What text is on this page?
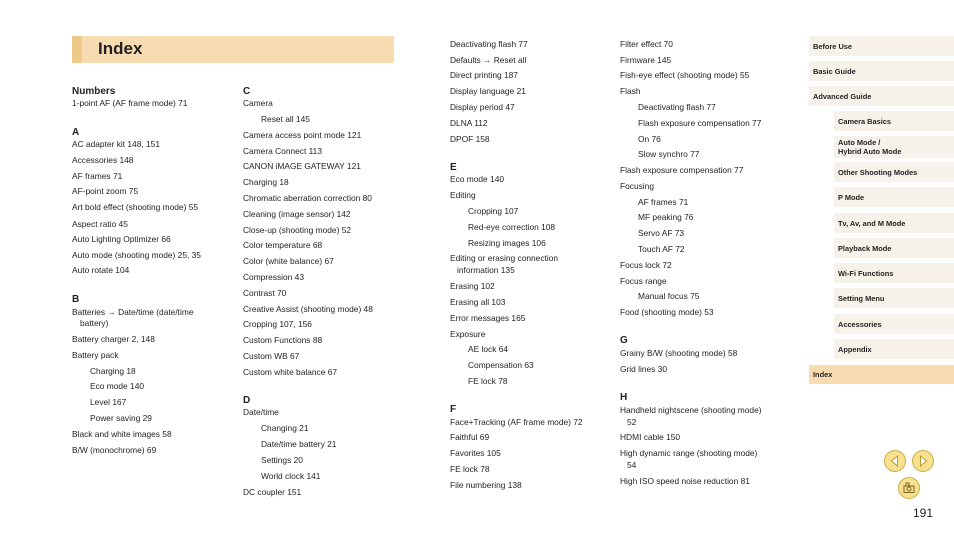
Index
Numbers
1-point AF (AF frame mode) 71
A
AC adapter kit 148, 151
Accessories 148
AF frames 71
AF-point zoom 75
Art bold effect (shooting mode) 55
Aspect ratio 45
Auto Lighting Optimizer 66
Auto mode (shooting mode) 25, 35
Auto rotate 104
B
Batteries → Date/time (date/time
battery)
Battery charger 2, 148
Battery pack
Charging 18
Eco mode 140
Level 167
Power saving 29
Black and white images 58
B/W (monochrome) 69
C
Camera
Reset all 145
Camera access point mode 121
Camera Connect 113
CANON iMAGE GATEWAY 121
Charging 18
Chromatic aberration correction 80
Cleaning (image sensor) 142
Close-up (shooting mode) 52
Color temperature 68
Color (white balance) 67
Compression 43
Contrast 70
Creative Assist (shooting mode) 48
Cropping 107, 156
Custom Functions 88
Custom WB 67
Custom white balance 67
D
Date/time
Changing 21
Date/time battery 21
Settings 20
World clock 141
DC coupler 151
Deactivating flash 77
Defaults → Reset all
Direct printing 187
Display language 21
Display period 47
DLNA 112
DPOF 158
E
Eco mode 140
Editing
Cropping 107
Red-eye correction 108
Resizing images 106
Editing or erasing connection
information 135
Erasing 102
Erasing all 103
Error messages 165
Exposure
AE lock 64
Compensation 63
FE lock 78
F
Face+Tracking (AF frame mode) 72
Faithful 69
Favorites 105
FE lock 78
File numbering 138
Filter effect 70
Firmware 145
Fish-eye effect (shooting mode) 55
Flash
Deactivating flash 77
Flash exposure compensation 77
On 76
Slow synchro 77
Flash exposure compensation 77
Focusing
AF frames 71
MF peaking 76
Servo AF 73
Touch AF 72
Focus lock 72
Focus range
Manual focus 75
Food (shooting mode) 53
G
Grainy B/W (shooting mode) 58
Grid lines 30
H
Handheld nightscene (shooting mode)
52
HDMI cable 150
High dynamic range (shooting mode)
54
High ISO speed noise reduction 81
Before Use
Basic Guide
Advanced Guide
Camera Basics
Auto Mode /
Hybrid Auto Mode
Other Shooting Modes
P Mode
Tv, Av, and M Mode
Playback Mode
Wi-Fi Functions
Setting Menu
Accessories
Appendix
Index
191
